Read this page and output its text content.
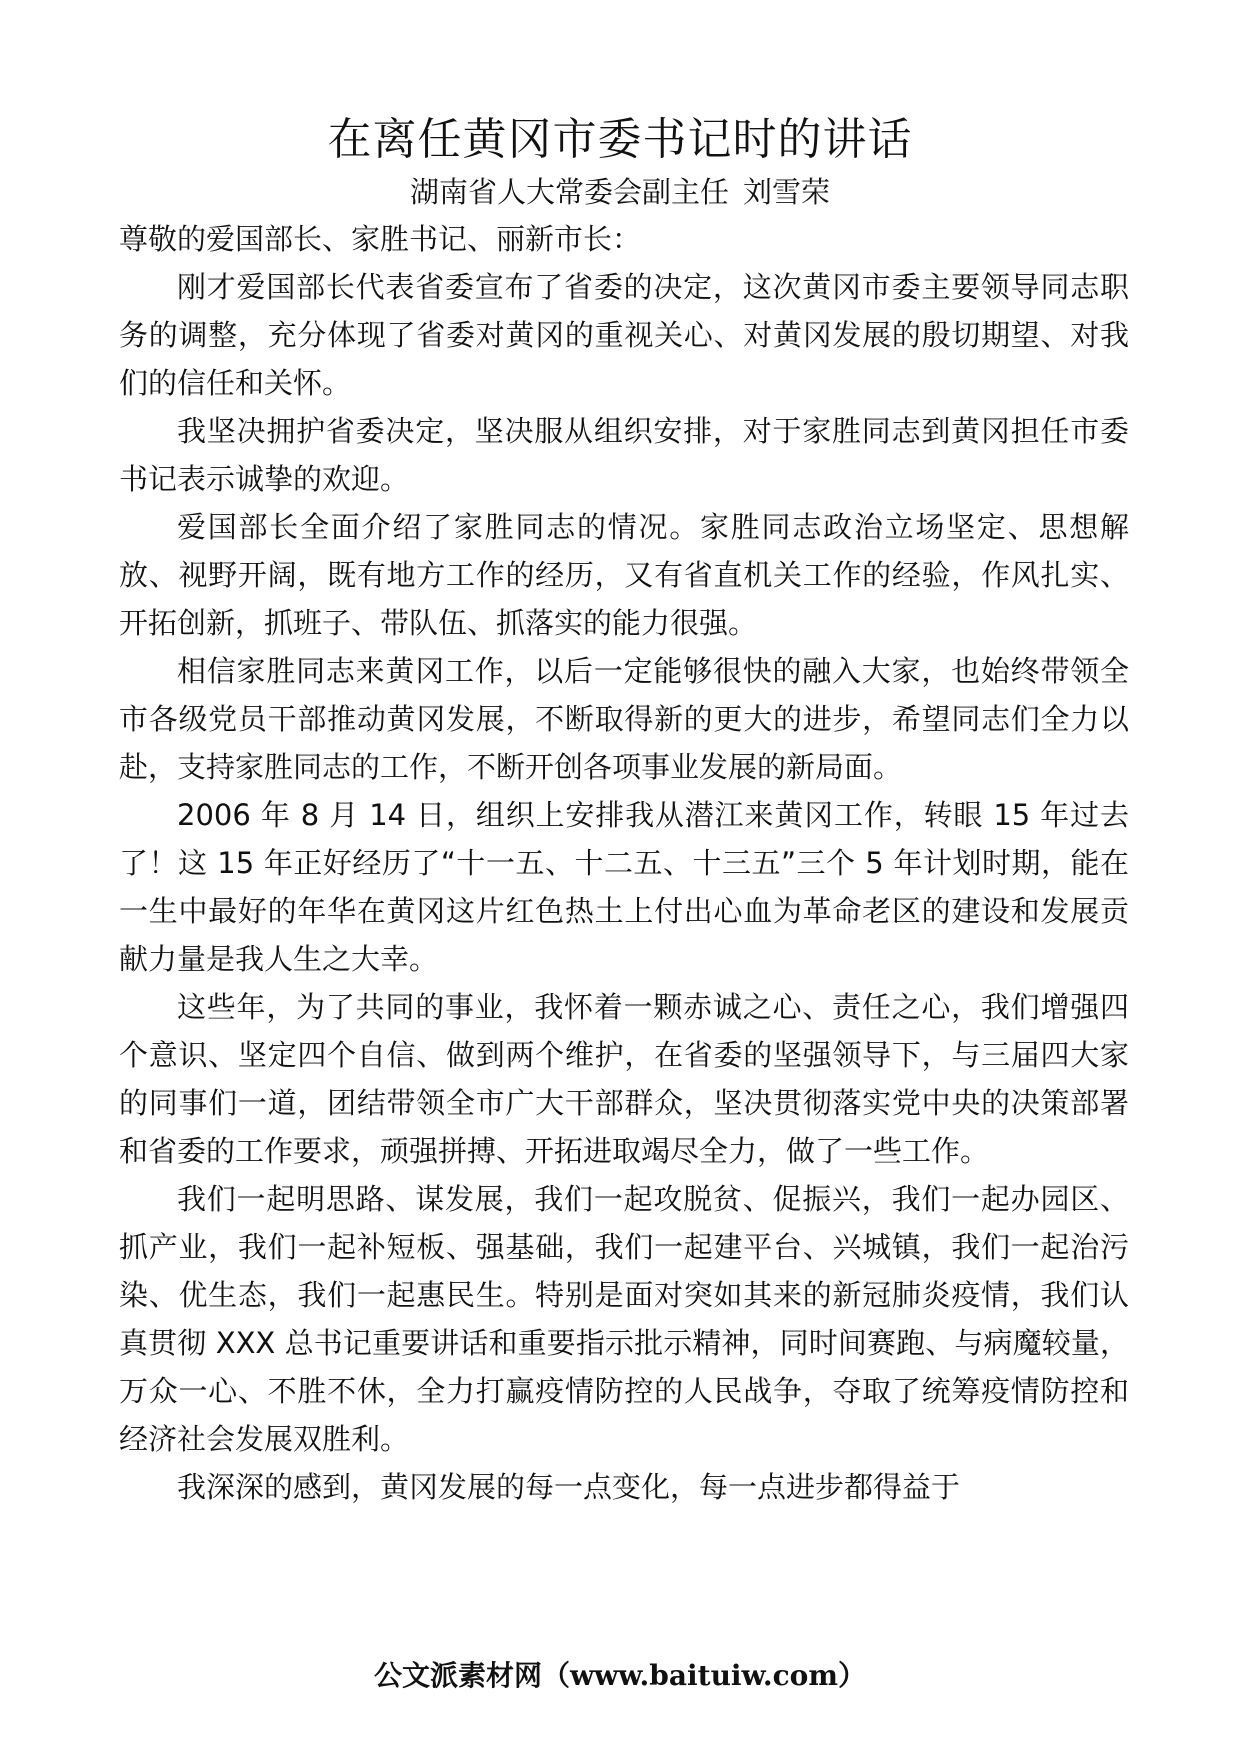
在离任黄冈市委书记时的讲话
湖南省人大常委会副主任 刘雪荣

尊敬的爱国部长、家胜书记、丽新市长：

刚才爱国部长代表省委宣布了省委的决定，这次黄冈市委主要领导同志职务的调整，充分体现了省委对黄冈的重视关心、对黄冈发展的殷切期望、对我们的信任和关怀。

我坚决拥护省委决定，坚决服从组织安排，对于家胜同志到黄冈担任市委书记表示诚挚的欢迎。

爱国部长全面介绍了家胜同志的情况。家胜同志政治立场坚定、思想解放、视野开阔，既有地方工作的经历，又有省直机关工作的经验，作风扎实、开拓创新，抓班子、带队伍、抓落实的能力很强。

相信家胜同志来黄冈工作，以后一定能够很快的融入大家，也始终带领全市各级党员干部推动黄冈发展，不断取得新的更大的进步，希望同志们全力以赴，支持家胜同志的工作，不断开创各项事业发展的新局面。

2006 年 8 月 14 日，组织上安排我从潜江来黄冈工作，转眼 15 年过去了！这 15 年正好经历了“十一五、十二五、十三五”三个 5 年计划时期，能在一生中最好的年华在黄冈这片红色热土上付出心血为革命老区的建设和发展贡献力量是我人生之大幸。

这些年，为了共同的事业，我怀着一颗赤诚之心、责任之心，我们增强四个意识、坚定四个自信、做到两个维护，在省委的坚强领导下，与三届四大家的同事们一道，团结带领全市广大干部群众，坚决贯彻落实党中央的决策部署和省委的工作要求，顽强拼搏、开拓进取竭尽全力，做了一些工作。

我们一起明思路、谋发展，我们一起攻脱贫、促振兴，我们一起办园区、抓产业，我们一起补短板、强基础，我们一起建平台、兴城镇，我们一起治污染、优生态，我们一起惠民生。特别是面对突如其来的新冠肺炎疫情，我们认真贯彻 XXX 总书记重要讲话和重要指示批示精神，同时间赛跑、与病魔较量，万众一心、不胜不休，全力打赢疫情防控的人民战争，夺取了统筹疫情防控和经济社会发展双胜利。

我深深的感到，黄冈发展的每一点变化，每一点进步都得益于

公文派素材网（www.baituiw.com）
